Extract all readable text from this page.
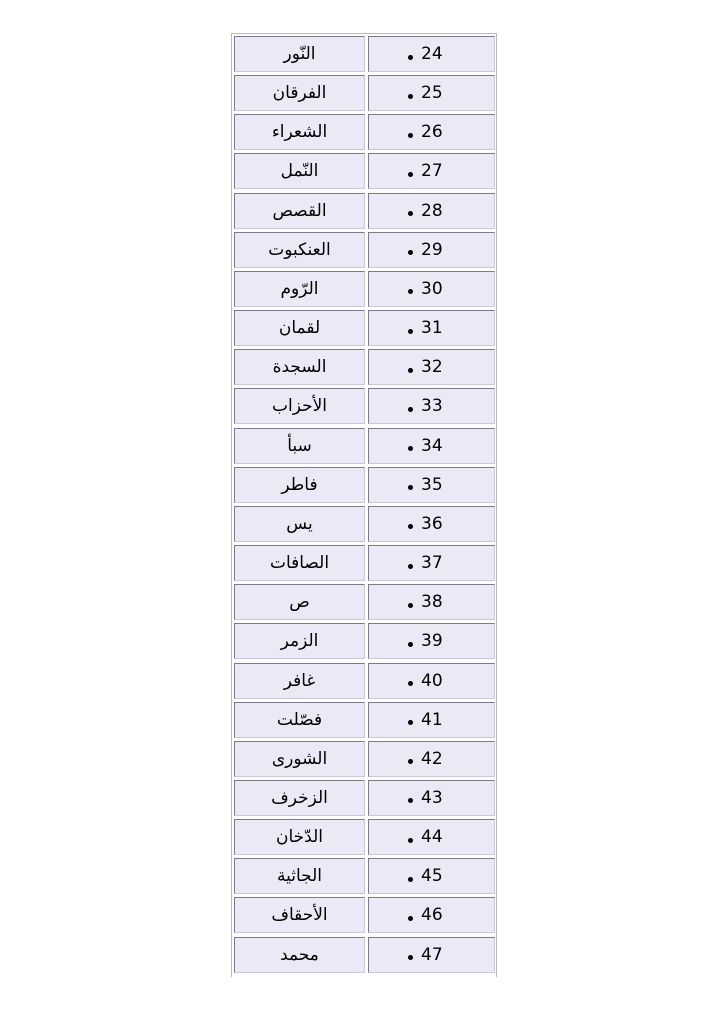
النّور	24
الفرقان	25
الشعراء	26
النّمل	27
القصص	28
العنكبوت	29
الرّوم	30
لقمان	31
السجدة	32
الأحزاب	33
سبأ	34
فاطر	35
يس	36
الصافات	37
ص	38
الزمر	39
غافر	40
فصّلت	41
الشورى	42
الزخرف	43
الدّخان	44
الجاثية	45
الأحقاف	46
محمد	47
